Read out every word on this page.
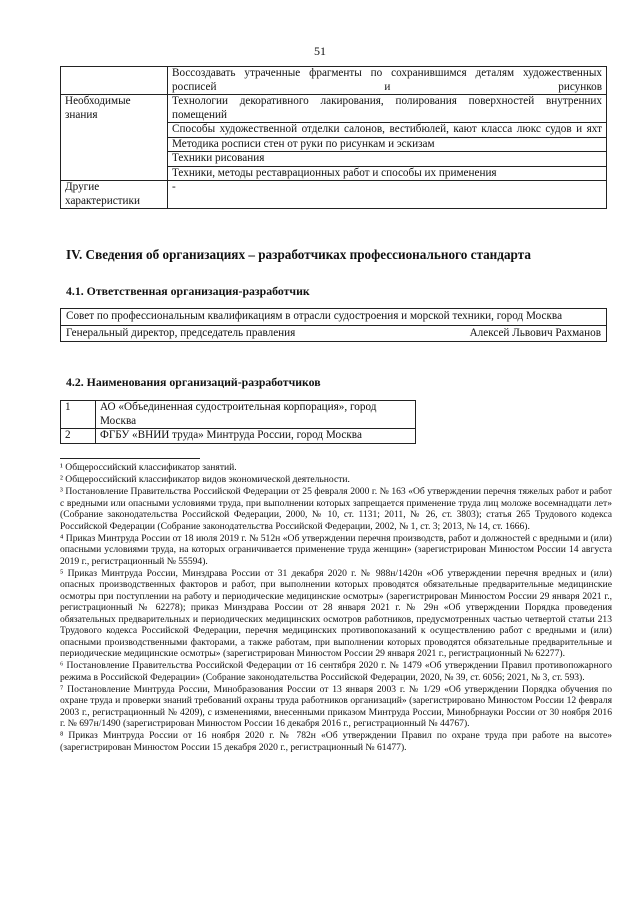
51
	Воссоздавать утраченные фрагменты по сохранившимся деталям художественных росписей и рисунков
Необходимые знания	Технологии декоративного лакирования, полирования поверхностей внутренних помещений
	Способы художественной отделки салонов, вестибюлей, кают класса люкс судов и яхт
	Методика росписи стен от руки по рисункам и эскизам
	Техники рисования
	Техники, методы реставрационных работ и способы их применения
Другие характеристики	-
IV. Сведения об организациях – разработчиках профессионального стандарта
4.1. Ответственная организация-разработчик
Совет по профессиональным квалификациям в отрасли судостроения и морской техники, город Москва

Генеральный директор, председатель правления	Алексей Львович Рахманов
4.2. Наименования организаций-разработчиков
1	АО «Объединенная судостроительная корпорация», город Москва
2	ФГБУ «ВНИИ труда» Минтруда России, город Москва

¹ Общероссийский классификатор занятий.

² Общероссийский классификатор видов экономической деятельности.

³ Постановление Правительства Российской Федерации от 25 февраля 2000 г. № 163 «Об утверждении перечня тяжелых работ и работ с вредными или опасными условиями труда, при выполнении которых запрещается применение труда лиц моложе восемнадцати лет» (Собрание законодательства Российской Федерации, 2000, № 10, ст. 1131; 2011, № 26, ст. 3803); статья 265 Трудового кодекса Российской Федерации (Собрание законодательства Российской Федерации, 2002, № 1, ст. 3; 2013, № 14, ст. 1666).

⁴ Приказ Минтруда России от 18 июля 2019 г. № 512н «Об утверждении перечня производств, работ и должностей с вредными и (или) опасными условиями труда, на которых ограничивается применение труда женщин» (зарегистрирован Минюстом России 14 августа 2019 г., регистрационный № 55594).

⁵ Приказ Минтруда России, Минздрава России от 31 декабря 2020 г. № 988н/1420н «Об утверждении перечня вредных и (или) опасных производственных факторов и работ, при выполнении которых проводятся обязательные предварительные медицинские осмотры при поступлении на работу и периодические медицинские осмотры» (зарегистрирован Минюстом России 29 января 2021 г., регистрационный № 62278); приказ Минздрава России от 28 января 2021 г. № 29н «Об утверждении Порядка проведения обязательных предварительных и периодических медицинских осмотров работников, предусмотренных частью четвертой статьи 213 Трудового кодекса Российской Федерации, перечня медицинских противопоказаний к осуществлению работ с вредными и (или) опасными производственными факторами, а также работам, при выполнении которых проводятся обязательные предварительные и периодические медицинские осмотры» (зарегистрирован Минюстом России 29 января 2021 г., регистрационный № 62277).

⁶ Постановление Правительства Российской Федерации от 16 сентября 2020 г. № 1479 «Об утверждении Правил противопожарного режима в Российской Федерации» (Собрание законодательства Российской Федерации, 2020, № 39, ст. 6056; 2021, № 3, ст. 593).

⁷ Постановление Минтруда России, Минобразования России от 13 января 2003 г. № 1/29 «Об утверждении Порядка обучения по охране труда и проверки знаний требований охраны труда работников организаций» (зарегистрировано Минюстом России 12 февраля 2003 г., регистрационный № 4209), с изменениями, внесенными приказом Минтруда России, Минобрнауки России от 30 ноября 2016 г. № 697н/1490 (зарегистрирован Минюстом России 16 декабря 2016 г., регистрационный № 44767).

⁸ Приказ Минтруда России от 16 ноября 2020 г. № 782н «Об утверждении Правил по охране труда при работе на высоте» (зарегистрирован Минюстом России 15 декабря 2020 г., регистрационный № 61477).
